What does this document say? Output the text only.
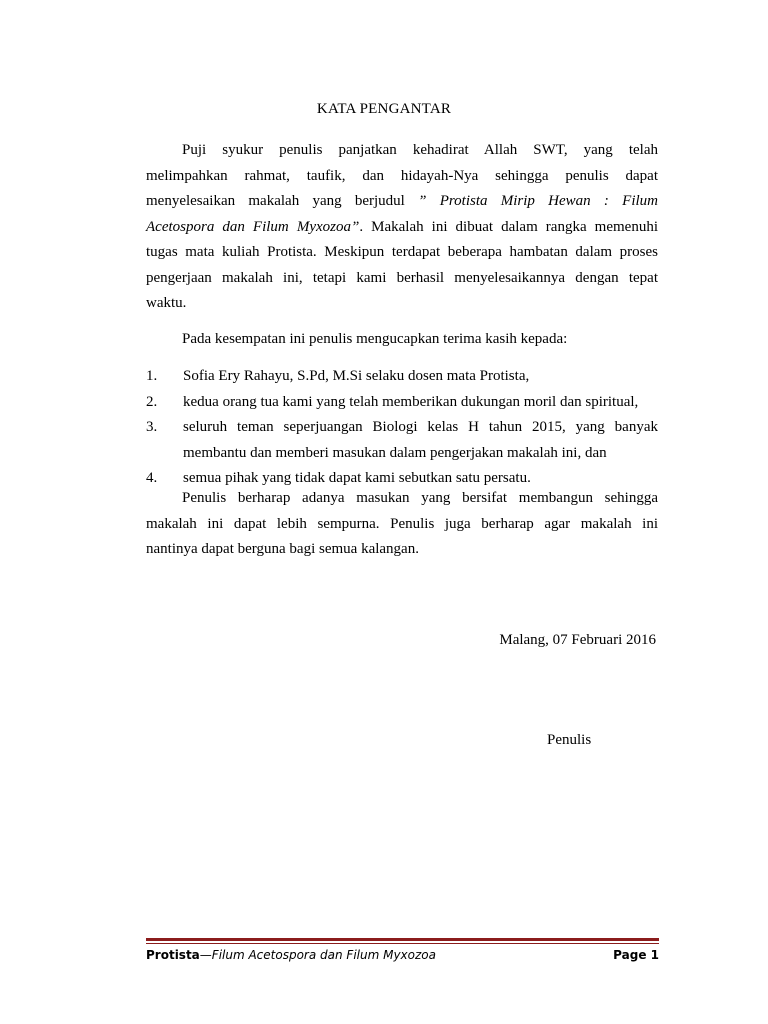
KATA PENGANTAR
Puji syukur penulis panjatkan kehadirat Allah SWT, yang telah
melimpahkan rahmat, taufik, dan hidayah-Nya sehingga penulis dapat
menyelesaikan makalah yang berjudul ” Protista Mirip Hewan : Filum
Acetospora dan Filum Myxozoa”. Makalah ini dibuat dalam rangka memenuhi
tugas mata kuliah Protista. Meskipun terdapat beberapa hambatan dalam proses
pengerjaan makalah ini, tetapi kami berhasil menyelesaikannya dengan tepat
waktu.
Pada kesempatan ini penulis mengucapkan terima kasih kepada:
1. Sofia Ery Rahayu, S.Pd, M.Si selaku dosen mata Protista,
2. kedua orang tua kami yang telah memberikan dukungan moril dan spiritual,
3. seluruh teman seperjuangan Biologi kelas H tahun 2015, yang banyak
membantu dan memberi masukan dalam pengerjakan makalah ini, dan
4. semua pihak yang tidak dapat kami sebutkan satu persatu.
Penulis berharap adanya masukan yang bersifat membangun sehingga
makalah ini dapat lebih sempurna. Penulis juga berharap agar makalah ini
nantinya dapat berguna bagi semua kalangan.
Malang, 07 Februari 2016
Penulis
Protista—Filum Acetospora dan Filum Myxozoa	Page 1
